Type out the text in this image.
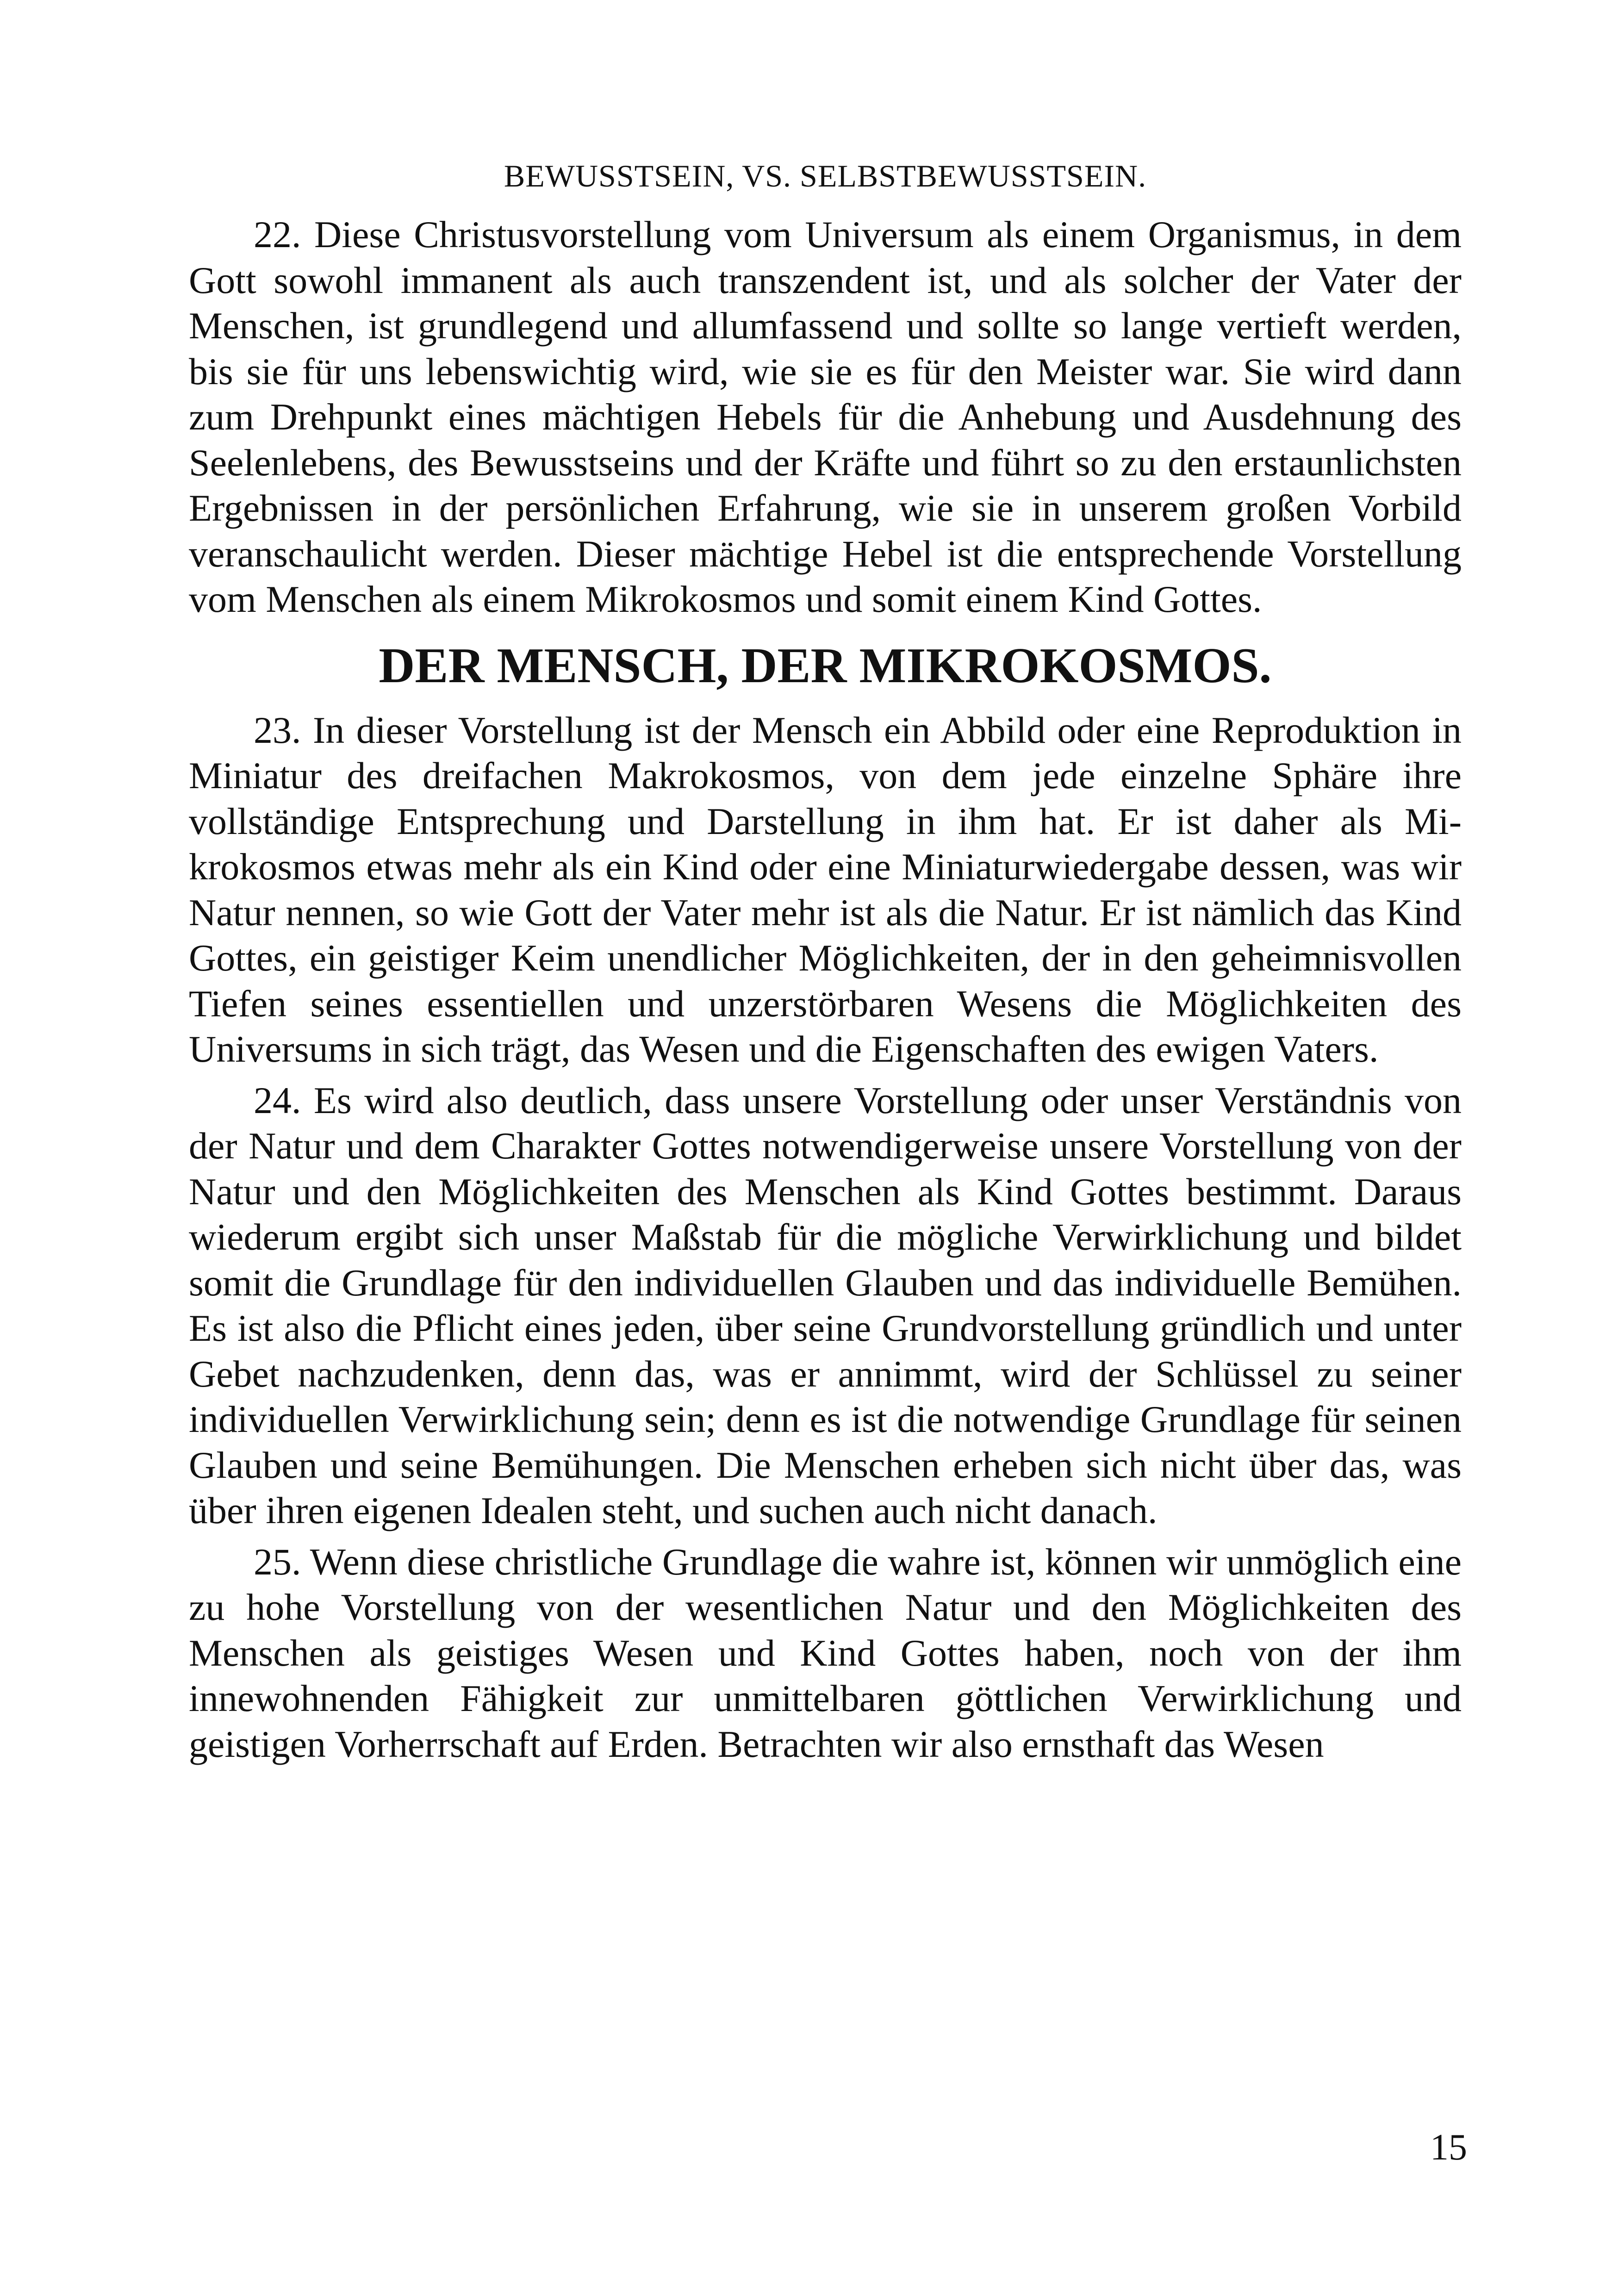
BEWUSSTSEIN, VS. SELBSTBEWUSSTSEIN.

22. Diese Christusvorstellung vom Universum als einem Organismus, in dem Gott sowohl immanent als auch transzendent ist, und als solcher der Vater der Menschen, ist grundlegend und allumfassend und sollte so lange vertieft werden, bis sie für uns lebenswichtig wird, wie sie es für den Meister war. Sie wird dann zum Drehpunkt eines mächtigen Hebels für die Anhebung und Ausdehnung des Seelenlebens, des Bewusstseins und der Kräfte und führt so zu den erstaunlichsten Ergebnissen in der persönlichen Erfahrung, wie sie in unserem großen Vorbild veranschaulicht werden. Dieser mächtige Hebel ist die entsprechende Vorstellung vom Menschen als einem Mikrokosmos und somit einem Kind Gottes.

DER MENSCH, DER MIKROKOSMOS.

23. In dieser Vorstellung ist der Mensch ein Abbild oder eine Reproduktion in Miniatur des dreifachen Makrokosmos, von dem jede einzelne Sphäre ihre vollständige Entsprechung und Darstellung in ihm hat. Er ist daher als Mikrokosmos etwas mehr als ein Kind oder eine Miniaturwiedergabe dessen, was wir Natur nennen, so wie Gott der Vater mehr ist als die Natur. Er ist nämlich das Kind Gottes, ein geistiger Keim unendlicher Möglichkeiten, der in den geheimnisvollen Tiefen seines essentiellen und unzerstörbaren Wesens die Möglichkeiten des Universums in sich trägt, das Wesen und die Eigenschaften des ewigen Vaters.

24. Es wird also deutlich, dass unsere Vorstellung oder unser Verständnis von der Natur und dem Charakter Gottes notwendigerweise unsere Vorstellung von der Natur und den Möglichkeiten des Menschen als Kind Gottes bestimmt. Daraus wiederum ergibt sich unser Maßstab für die mögliche Verwirklichung und bildet somit die Grundlage für den individuellen Glauben und das individuelle Bemühen. Es ist also die Pflicht eines jeden, über seine Grundvorstellung gründlich und unter Gebet nachzudenken, denn das, was er annimmt, wird der Schlüssel zu seiner individuellen Verwirklichung sein; denn es ist die notwendige Grundlage für seinen Glauben und seine Bemühungen. Die Menschen erheben sich nicht über das, was über ihren eigenen Idealen steht, und suchen auch nicht danach.

25. Wenn diese christliche Grundlage die wahre ist, können wir unmöglich eine zu hohe Vorstellung von der wesentlichen Natur und den Möglichkeiten des Menschen als geistiges Wesen und Kind Gottes haben, noch von der ihm innewohnenden Fähigkeit zur unmittelbaren göttlichen Verwirklichung und geistigen Vorherrschaft auf Erden. Betrachten wir also ernsthaft das Wesen

15
